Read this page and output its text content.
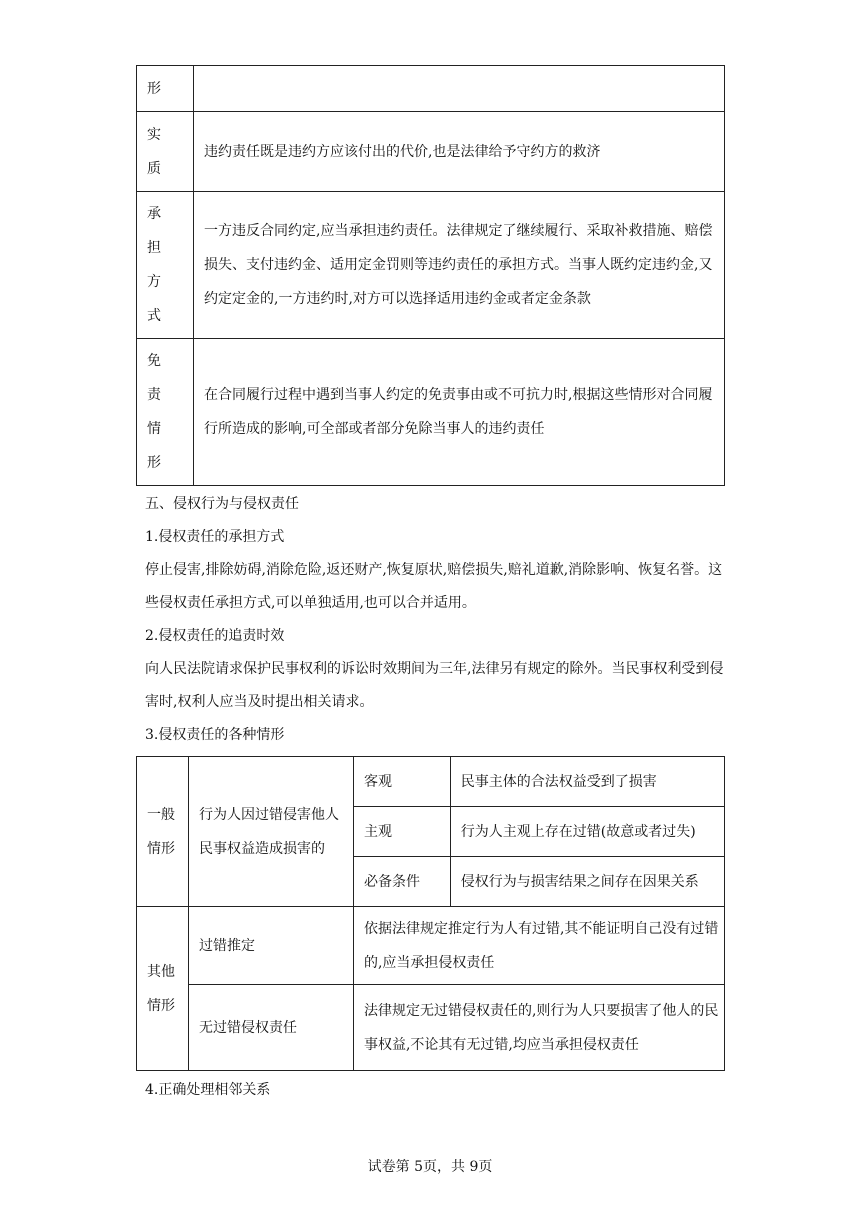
形	

实
质	违约责任既是违约方应该付出的代价,也是法律给予守约方的救济

承
担
方
式	一方违反合同约定,应当承担违约责任。法律规定了继续履行、采取补救措施、赔偿损失、支付违约金、适用定金罚则等违约责任的承担方式。当事人既约定违约金,又约定定金的,一方违约时,对方可以选择适用违约金或者定金条款

免
责
情
形	在合同履行过程中遇到当事人约定的免责事由或不可抗力时,根据这些情形对合同履行所造成的影响,可全部或者部分免除当事人的违约责任
五、侵权行为与侵权责任
1.侵权责任的承担方式
停止侵害,排除妨碍,消除危险,返还财产,恢复原状,赔偿损失,赔礼道歉,消除影响、恢复名誉。这些侵权责任承担方式,可以单独适用,也可以合并适用。
2.侵权责任的追责时效
向人民法院请求保护民事权利的诉讼时效期间为三年,法律另有规定的除外。当民事权利受到侵害时,权利人应当及时提出相关请求。
3.侵权责任的各种情形
一般情形	行为人因过错侵害他人民事权益造成损害的	客观	民事主体的合法权益受到了损害
		主观	行为人主观上存在过错(故意或者过失)
		必备条件	侵权行为与损害结果之间存在因果关系

其他情形	过错推定	依据法律规定推定行为人有过错,其不能证明自己没有过错的,应当承担侵权责任	
	无过错侵权责任	法律规定无过错侵权责任的,则行为人只要损害了他人的民事权益,不论其有无过错,均应当承担侵权责任	
4.正确处理相邻关系
试卷第 5页，共 9页
